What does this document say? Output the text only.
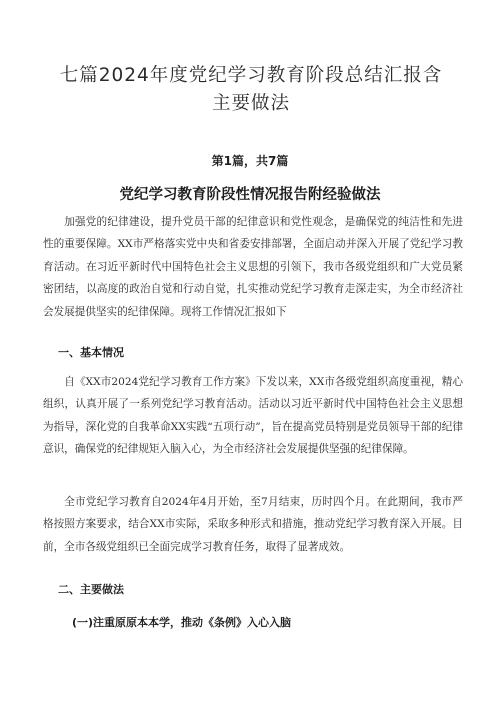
七篇2024年度党纪学习教育阶段总结汇报含主要做法
第1篇，共7篇
党纪学习教育阶段性情况报告附经验做法

加强党的纪律建设，提升党员干部的纪律意识和党性观念，是确保党的纯洁性和先进性的重要保障。XX市严格落实党中央和省委安排部署，全面启动并深入开展了党纪学习教育活动。在习近平新时代中国特色社会主义思想的引领下，我市各级党组织和广大党员紧密团结，以高度的政治自觉和行动自觉，扎实推动党纪学习教育走深走实，为全市经济社会发展提供坚实的纪律保障。现将工作情况汇报如下

一、基本情况

自《XX市2024党纪学习教育工作方案》下发以来，XX市各级党组织高度重视，精心组织，认真开展了一系列党纪学习教育活动。活动以习近平新时代中国特色社会主义思想为指导，深化党的自我革命XX实践“五项行动”，旨在提高党员特别是党员领导干部的纪律意识，确保党的纪律规矩入脑入心，为全市经济社会发展提供坚强的纪律保障。

全市党纪学习教育自2024年4月开始，至7月结束，历时四个月。在此期间，我市严格按照方案要求，结合XX市实际，采取多种形式和措施，推动党纪学习教育深入开展。目前，全市各级党组织已全面完成学习教育任务，取得了显著成效。

二、主要做法
(一)注重原原本本学，推动《条例》入心入脑
